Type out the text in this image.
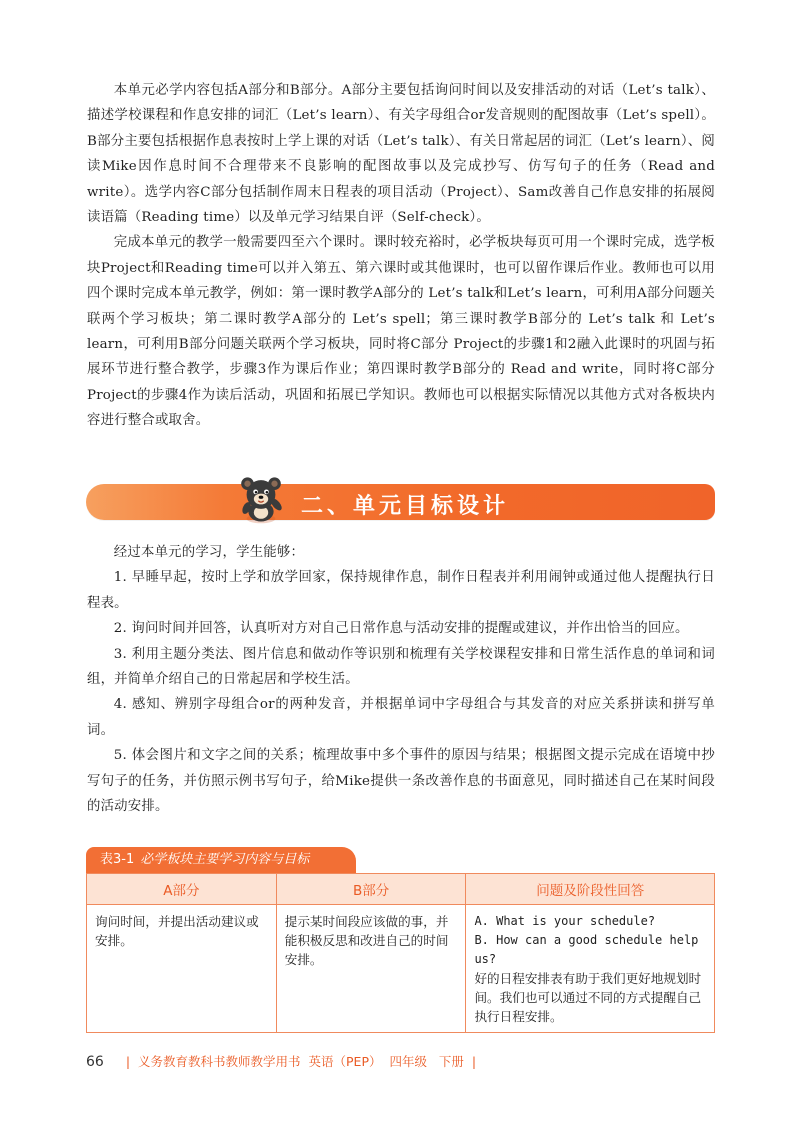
本单元必学内容包括A部分和B部分。A部分主要包括询问时间以及安排活动的对话（Let’s talk）、描述学校课程和作息安排的词汇（Let’s learn）、有关字母组合or发音规则的配图故事（Let’s spell）。B部分主要包括根据作息表按时上学上课的对话（Let’s talk）、有关日常起居的词汇（Let’s learn）、阅读Mike因作息时间不合理带来不良影响的配图故事以及完成抄写、仿写句子的任务（Read and write）。选学内容C部分包括制作周末日程表的项目活动（Project）、Sam改善自己作息安排的拓展阅读语篇（Reading time）以及单元学习结果自评（Self-check）。

完成本单元的教学一般需要四至六个课时。课时较充裕时，必学板块每页可用一个课时完成，选学板块Project和Reading time可以并入第五、第六课时或其他课时，也可以留作课后作业。教师也可以用四个课时完成本单元教学，例如：第一课时教学A部分的 Let’s talk和Let’s learn，可利用A部分问题关联两个学习板块；第二课时教学A部分的 Let’s spell；第三课时教学B部分的 Let’s talk 和 Let’s learn，可利用B部分问题关联两个学习板块，同时将C部分 Project的步骤1和2融入此课时的巩固与拓展环节进行整合教学，步骤3作为课后作业；第四课时教学B部分的 Read and write，同时将C部分Project的步骤4作为读后活动，巩固和拓展已学知识。教师也可以根据实际情况以其他方式对各板块内容进行整合或取舍。

二、单元目标设计

经过本单元的学习，学生能够：

1. 早睡早起，按时上学和放学回家，保持规律作息，制作日程表并利用闹钟或通过他人提醒执行日程表。

2. 询问时间并回答，认真听对方对自己日常作息与活动安排的提醒或建议，并作出恰当的回应。

3. 利用主题分类法、图片信息和做动作等识别和梳理有关学校课程安排和日常生活作息的单词和词组，并简单介绍自己的日常起居和学校生活。

4. 感知、辨别字母组合or的两种发音，并根据单词中字母组合与其发音的对应关系拼读和拼写单词。

5. 体会图片和文字之间的关系；梳理故事中多个事件的原因与结果；根据图文提示完成在语境中抄写句子的任务，并仿照示例书写句子，给Mike提供一条改善作息的书面意见，同时描述自己在某时间段的活动安排。

表3-1 必学板块主要学习内容与目标
A部分	B部分	问题及阶段性回答
询问时间，并提出活动建议或安排。	提示某时间段应该做的事，并能积极反思和改进自己的时间安排。	A. What is your schedule?
B. How can a good schedule help us?
好的日程安排表有助于我们更好地规划时间。我们也可以通过不同的方式提醒自己执行日程安排。
66 | 义务教育教科书教师教学用书 英语（PEP） 四年级 下册 |
